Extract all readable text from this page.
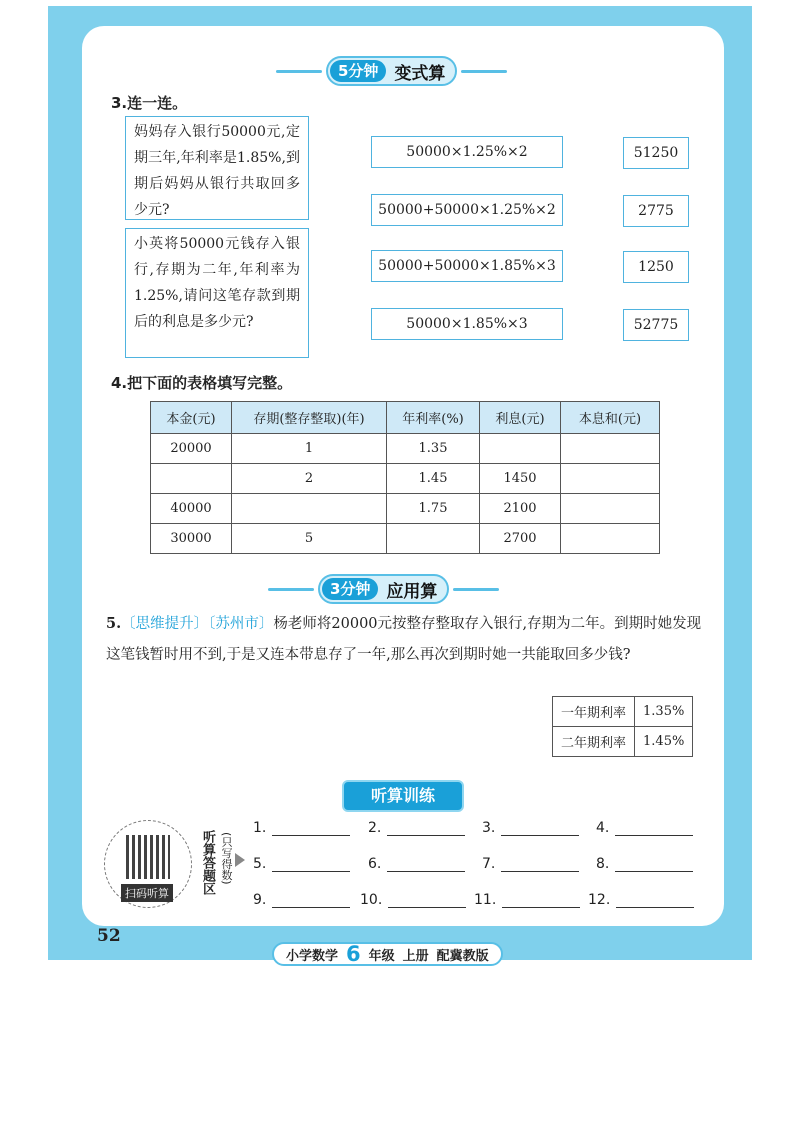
5分钟 变式算
3.连一连。
妈妈存入银行50000元,定期三年,年利率是1.85%,到期后妈妈从银行共取回多少元?
小英将50000元钱存入银行,存期为二年,年利率为1.25%,请问这笔存款到期后的利息是多少元?
50000×1.25%×2
50000+50000×1.25%×2
50000+50000×1.85%×3
50000×1.85%×3
51250
2775
1250
52775
4.把下面的表格填写完整。
本金(元)	存期(整存整取)(年)	年利率(%)	利息(元)	本息和(元)
20000	1	1.35		
	2	1.45	1450	
40000		1.75	2100	
30000	5		2700	
3分钟 应用算
5.〔思维提升〕〔苏州市〕杨老师将20000元按整存整取存入银行,存期为二年。到期时她发现这笔钱暂时用不到,于是又连本带息存了一年,那么再次到期时她一共能取回多少钱?
一年期利率	1.35%
二年期利率	1.45%
听算训练
扫码听算	听算答题区 (只写得数)
1.	2.	3.	4.
5.	6.	7.	8.
9.	10.	11.	12.
52
小学数学 6 年级 上册 配冀教版
